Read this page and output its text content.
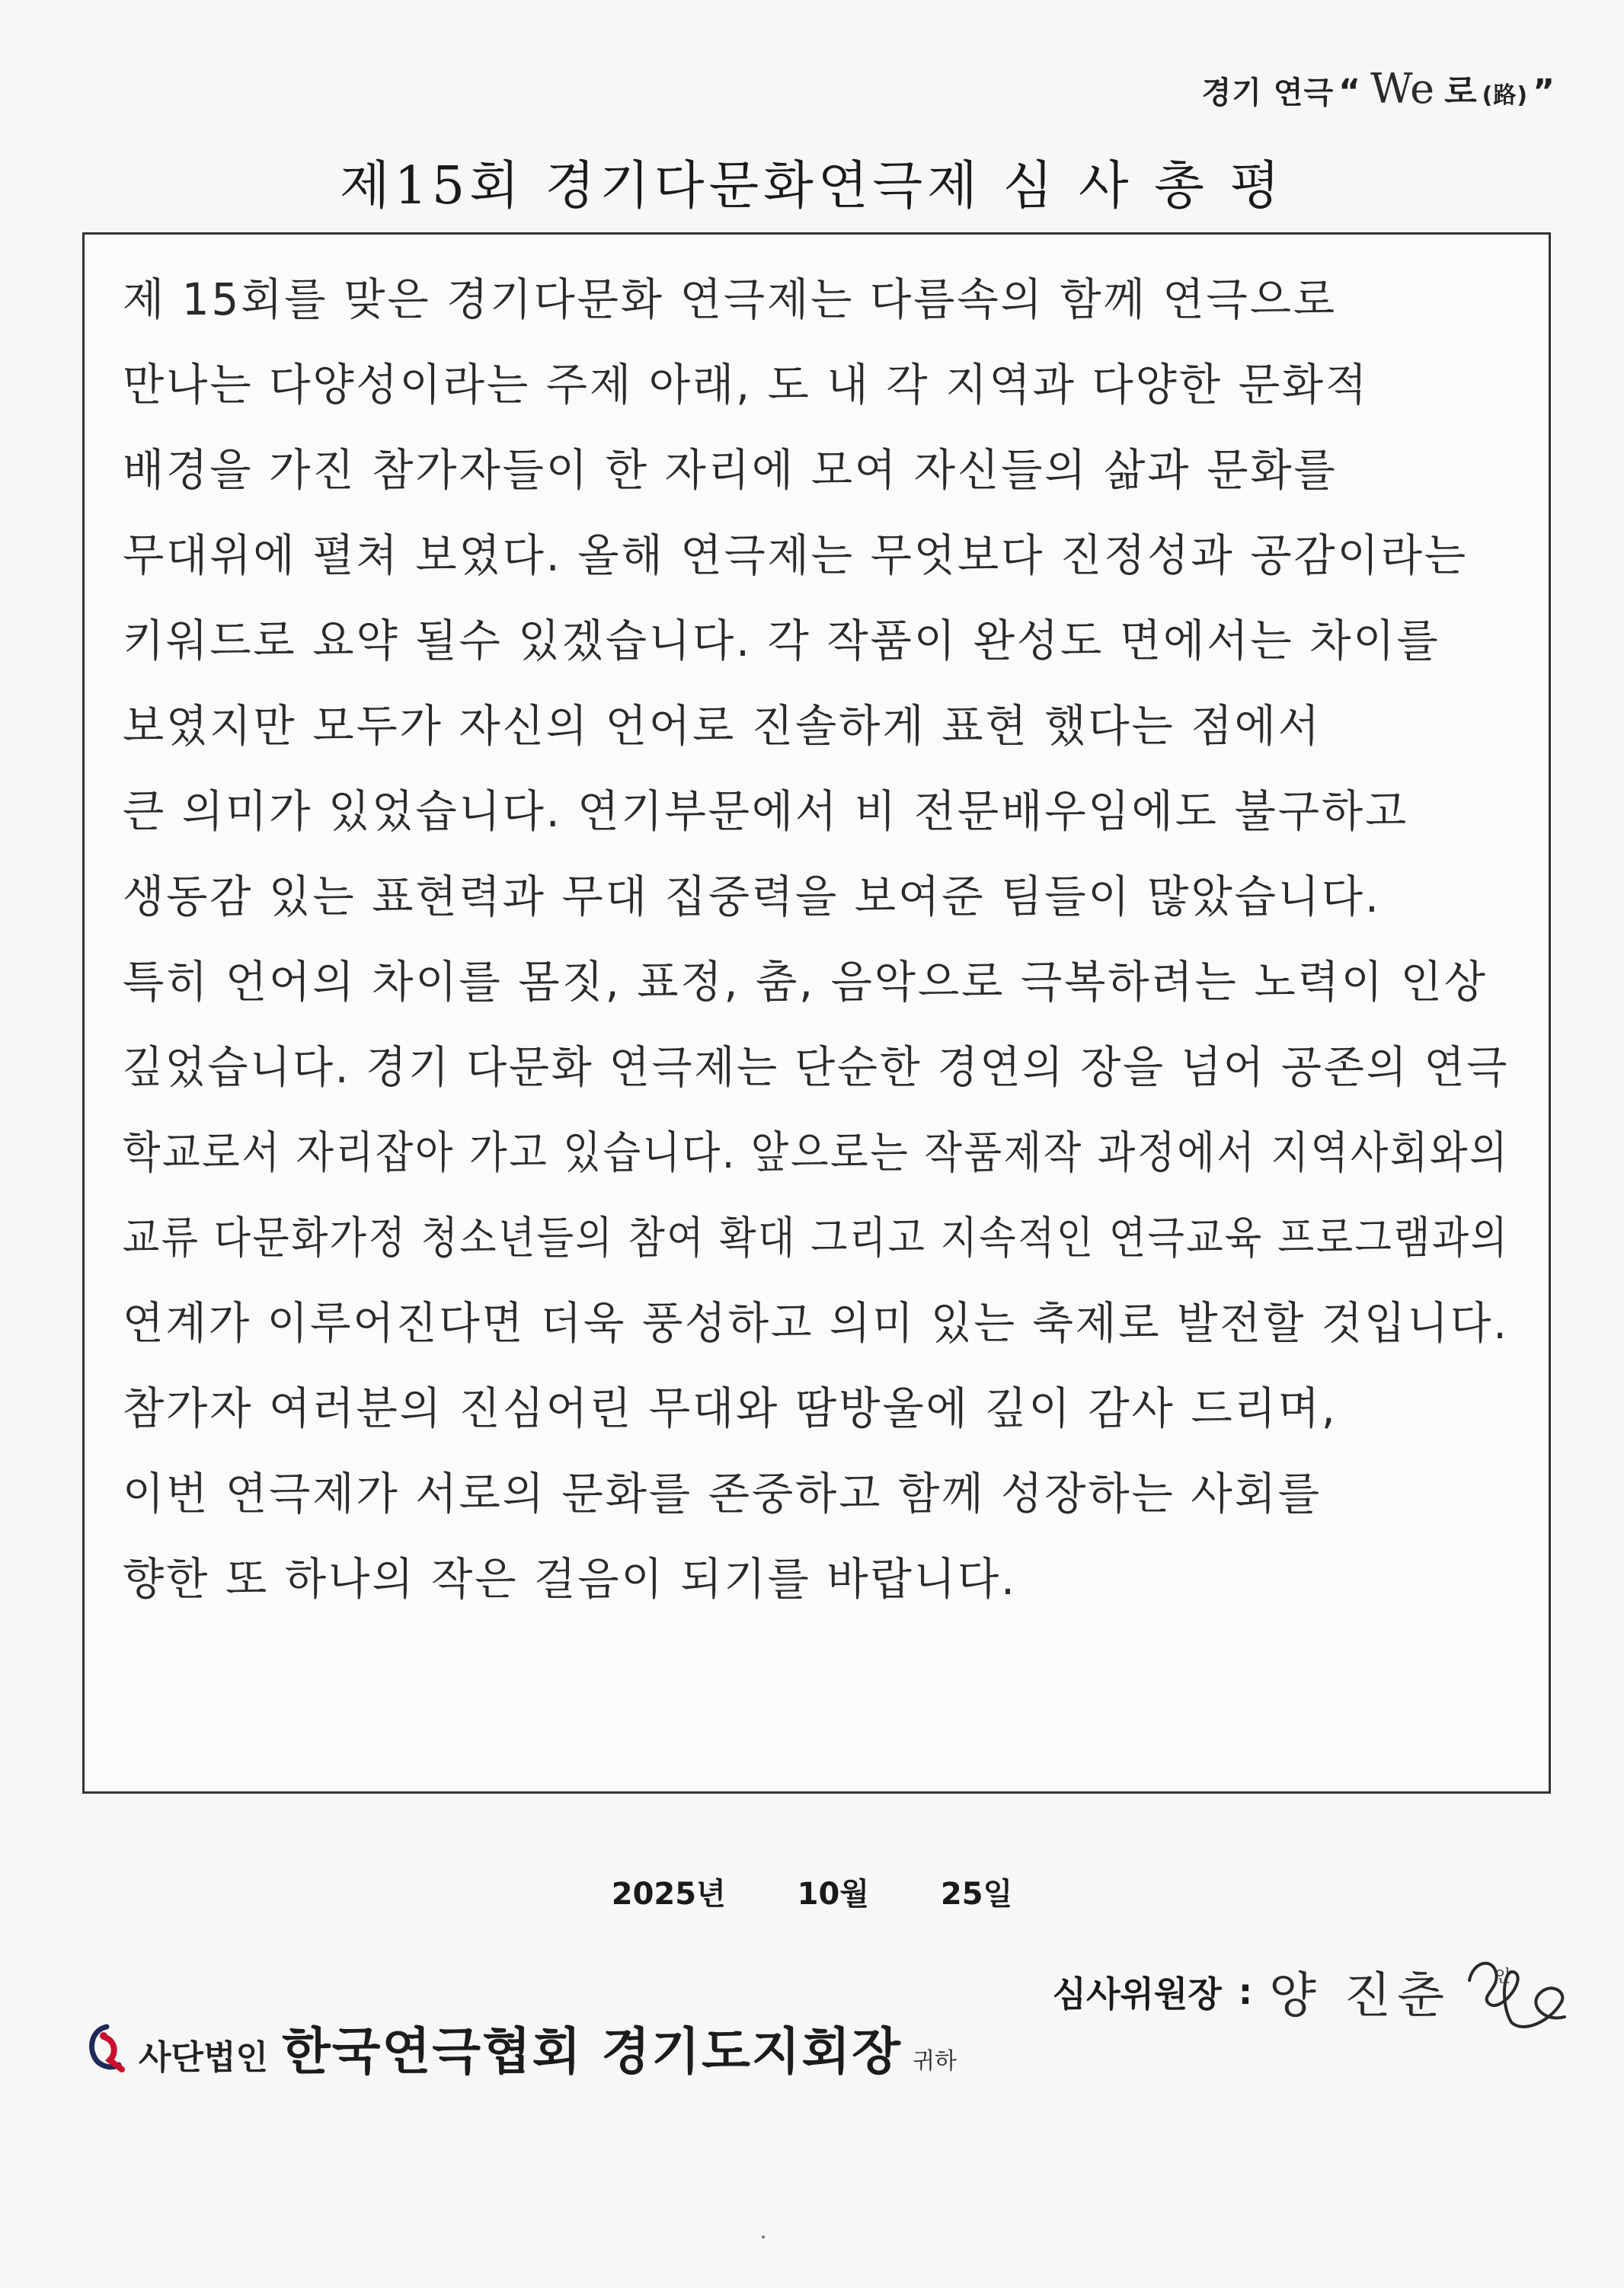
경기 연극 “ We 로 (路) ”
제15회 경기다문화연극제 심 사 총 평
제 15회를 맞은 경기다문화 연극제는 다름속의 함께 연극으로
만나는 다양성이라는 주제 아래, 도 내 각 지역과 다양한 문화적
배경을 가진 참가자들이 한 자리에 모여 자신들의 삶과 문화를
무대위에 펼쳐 보였다. 올해 연극제는 무엇보다 진정성과 공감이라는
키워드로 요약 될수 있겠습니다. 각 작품이 완성도 면에서는 차이를
보였지만 모두가 자신의 언어로 진솔하게 표현 했다는 점에서
큰 의미가 있었습니다. 연기부문에서 비 전문배우임에도 불구하고
생동감 있는 표현력과 무대 집중력을 보여준 팀들이 많았습니다.
특히 언어의 차이를 몸짓, 표정, 춤, 음악으로 극복하려는 노력이 인상
깊었습니다. 경기 다문화 연극제는 단순한 경연의 장을 넘어 공존의 연극
학교로서 자리잡아 가고 있습니다. 앞으로는 작품제작 과정에서 지역사회와의
교류 다문화가정 청소년들의 참여 확대 그리고 지속적인 연극교육 프로그램과의
연계가 이루어진다면 더욱 풍성하고 의미 있는 축제로 발전할 것입니다.
참가자 여러분의 진심어린 무대와 땀방울에 깊이 감사 드리며,
이번 연극제가 서로의 문화를 존중하고 함께 성장하는 사회를
향한 또 하나의 작은 걸음이 되기를 바랍니다.
2025년 10월 25일
심사위원장 : 양 진춘	인
사단법인 한국연극협회 경기도지회장 귀하
